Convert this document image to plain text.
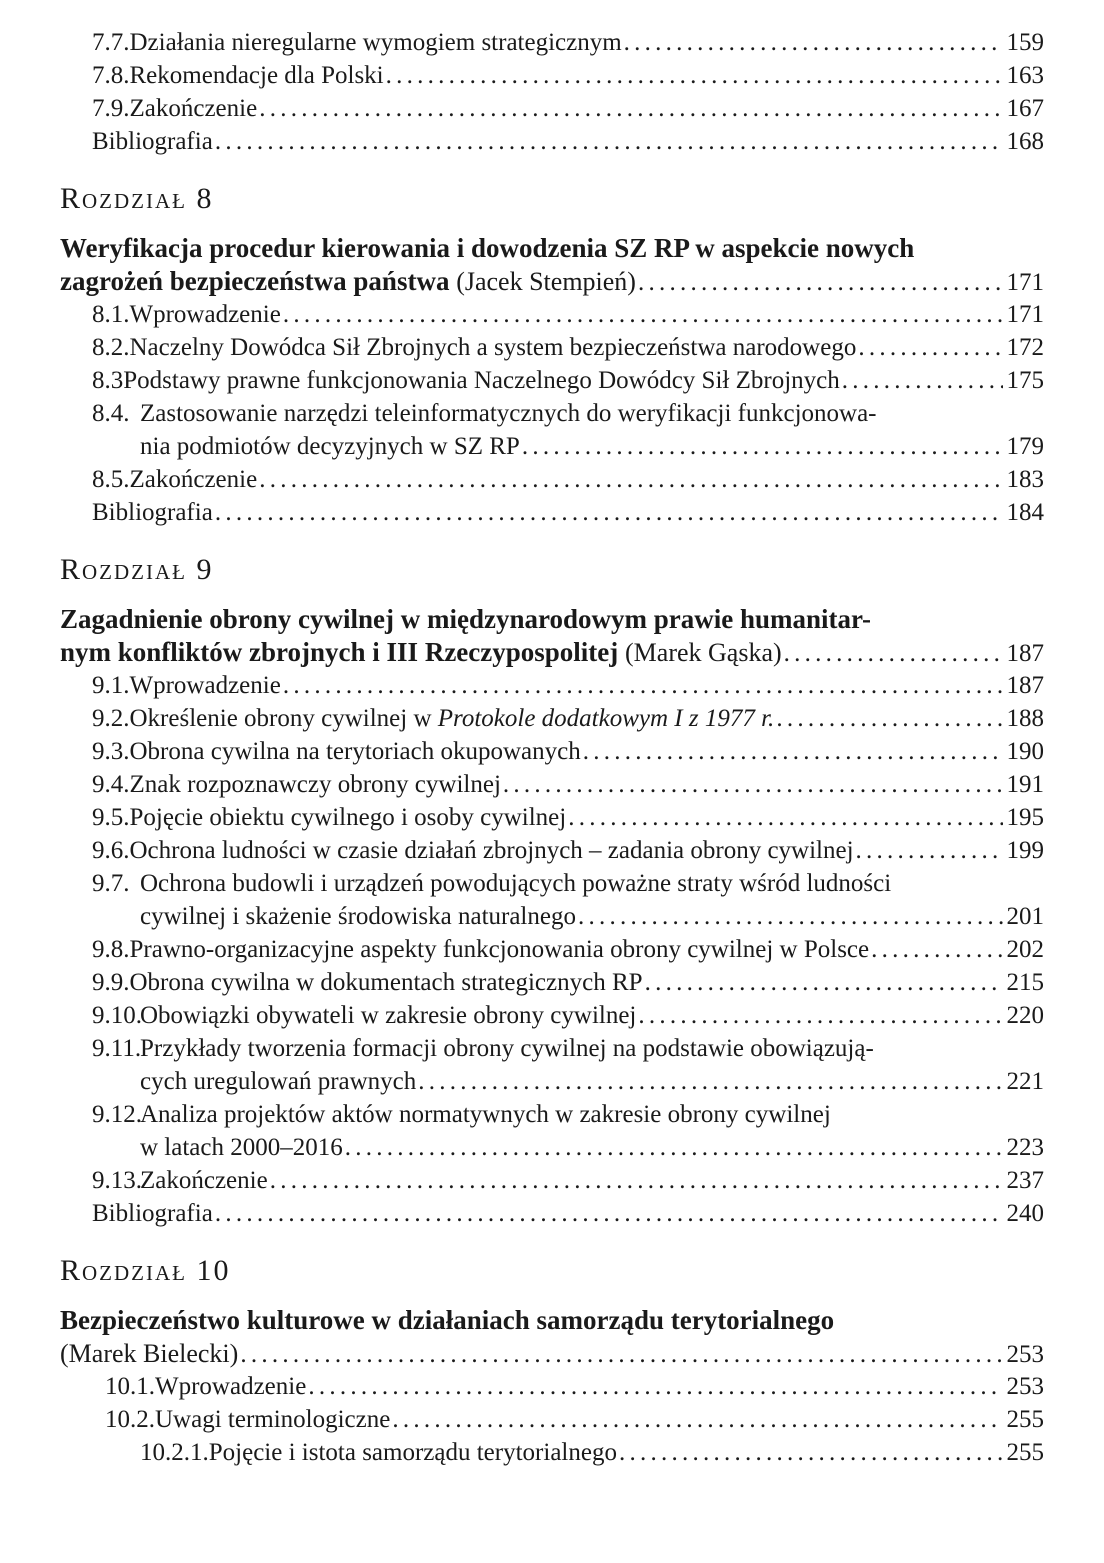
7.7. Działania nieregularne wymogiem strategicznym . . .	159
7.8. Rekomendacje dla Polski . . .	163
7.9. Zakończenie . . .	167
Bibliografia . . .	168
Rozdział 8
Weryfikacja procedur kierowania i dowodzenia SZ RP w aspekcie nowych
zagrożeń bezpieczeństwa państwa
(Jacek Stempień) . . .	171
8.1. Wprowadzenie . . .	171
8.2. Naczelny Dowódca Sił Zbrojnych a system bezpieczeństwa narodowego . . .	172
8.3 Podstawy prawne funkcjonowania Naczelnego Dowódcy Sił Zbrojnych . . .	175
8.4. Zastosowanie narzędzi teleinformatycznych do weryfikacji funkcjonowa-
nia podmiotów decyzyjnych w SZ RP . . .	179
8.5. Zakończenie . . .	183
Bibliografia . . .	184
Rozdział 9
Zagadnienie obrony cywilnej w międzynarodowym prawie humanitar-
nym konfliktów zbrojnych i III Rzeczypospolitej
(Marek Gąska) . . .	187
9.1. Wprowadzenie . . .	187
9.2. Określenie obrony cywilnej w Protokole dodatkowym I z 1977 r. . . .	188
9.3. Obrona cywilna na terytoriach okupowanych . . .	190
9.4. Znak rozpoznawczy obrony cywilnej . . .	191
9.5. Pojęcie obiektu cywilnego i osoby cywilnej . . .	195
9.6. Ochrona ludności w czasie działań zbrojnych – zadania obrony cywilnej . . .	199
9.7. Ochrona budowli i urządzeń powodujących poważne straty wśród ludności
cywilnej i skażenie środowiska naturalnego . . .	201
9.8. Prawno-organizacyjne aspekty funkcjonowania obrony cywilnej w Polsce . . .	202
9.9. Obrona cywilna w dokumentach strategicznych RP . . .	215
9.10.
Obowiązki obywateli w zakresie obrony cywilnej . . .	220
9.11.
Przykłady tworzenia formacji obrony cywilnej na podstawie obowiązują-
cych uregulowań prawnych . . .	221
9.12.
Analiza projektów aktów normatywnych w zakresie obrony cywilnej
w latach 2000–2016 . . .	223
9.13.
Zakończenie . . .	237
Bibliografia . . .	240
Rozdział 10
Bezpieczeństwo kulturowe w działaniach samorządu terytorialnego
(Marek Bielecki) . . .	253
10.1. Wprowadzenie . . .	253
10.2. Uwagi terminologiczne . . .	255
10.2.1. Pojęcie i istota samorządu terytorialnego . . .	255
